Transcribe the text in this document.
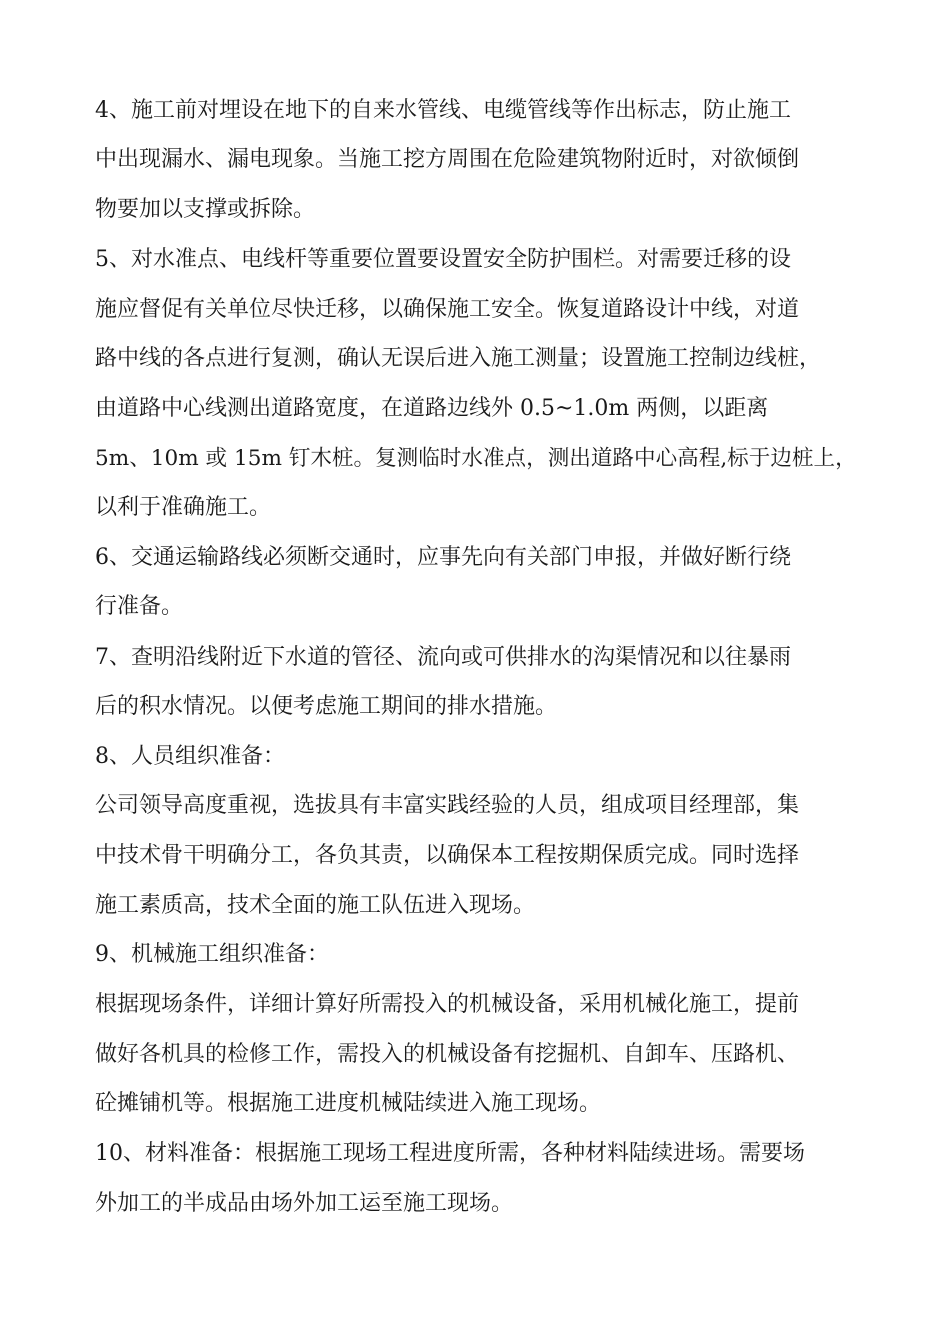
4、施工前对埋设在地下的自来水管线、电缆管线等作出标志，防止施工
中出现漏水、漏电现象。当施工挖方周围在危险建筑物附近时，对欲倾倒
物要加以支撑或拆除。
5、对水准点、电线杆等重要位置要设置安全防护围栏。对需要迁移的设
施应督促有关单位尽快迁移，以确保施工安全。恢复道路设计中线，对道
路中线的各点进行复测，确认无误后进入施工测量；设置施工控制边线桩，
由道路中心线测出道路宽度，在道路边线外 0.5~1.0m 两侧，以距离
5m、10m 或 15m 钉木桩。复测临时水准点，测出道路中心高程,标于边桩上，
以利于准确施工。
6、交通运输路线必须断交通时，应事先向有关部门申报，并做好断行绕
行准备。
7、查明沿线附近下水道的管径、流向或可供排水的沟渠情况和以往暴雨
后的积水情况。以便考虑施工期间的排水措施。
8、人员组织准备：
公司领导高度重视，选拔具有丰富实践经验的人员，组成项目经理部，集
中技术骨干明确分工，各负其责，以确保本工程按期保质完成。同时选择
施工素质高，技术全面的施工队伍进入现场。
9、机械施工组织准备：
根据现场条件，详细计算好所需投入的机械设备，采用机械化施工，提前
做好各机具的检修工作，需投入的机械设备有挖掘机、自卸车、压路机、
砼摊铺机等。根据施工进度机械陆续进入施工现场。
10、材料准备：根据施工现场工程进度所需，各种材料陆续进场。需要场
外加工的半成品由场外加工运至施工现场。
